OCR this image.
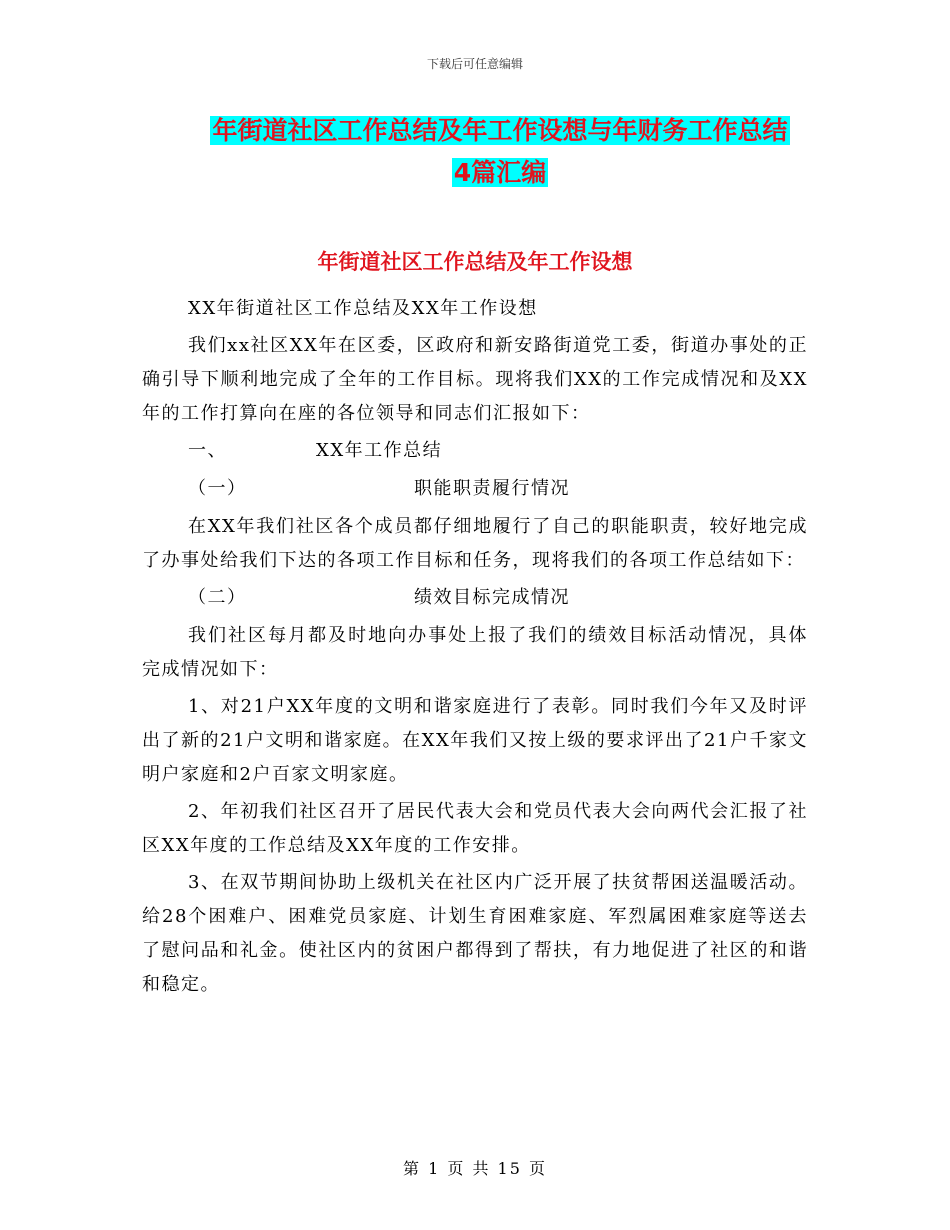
下载后可任意编辑
年街道社区工作总结及年工作设想与年财务工作总结
4篇汇编
年街道社区工作总结及年工作设想

XX年街道社区工作总结及XX年工作设想

我们xx社区XX年在区委，区政府和新安路街道党工委，街道办事处的正确引导下顺利地完成了全年的工作目标。现将我们XX的工作完成情况和及XX年的工作打算向在座的各位领导和同志们汇报如下：

一、	XX年工作总结

（一）	职能职责履行情况

在XX年我们社区各个成员都仔细地履行了自己的职能职责，较好地完成了办事处给我们下达的各项工作目标和任务，现将我们的各项工作总结如下：

（二）	绩效目标完成情况

我们社区每月都及时地向办事处上报了我们的绩效目标活动情况，具体完成情况如下：

1、对21户XX年度的文明和谐家庭进行了表彰。同时我们今年又及时评出了新的21户文明和谐家庭。在XX年我们又按上级的要求评出了21户千家文明户家庭和2户百家文明家庭。

2、年初我们社区召开了居民代表大会和党员代表大会向两代会汇报了社区XX年度的工作总结及XX年度的工作安排。

3、在双节期间协助上级机关在社区内广泛开展了扶贫帮困送温暖活动。给28个困难户、困难党员家庭、计划生育困难家庭、军烈属困难家庭等送去了慰问品和礼金。使社区内的贫困户都得到了帮扶，有力地促进了社区的和谐和稳定。

第 1 页 共 15 页
